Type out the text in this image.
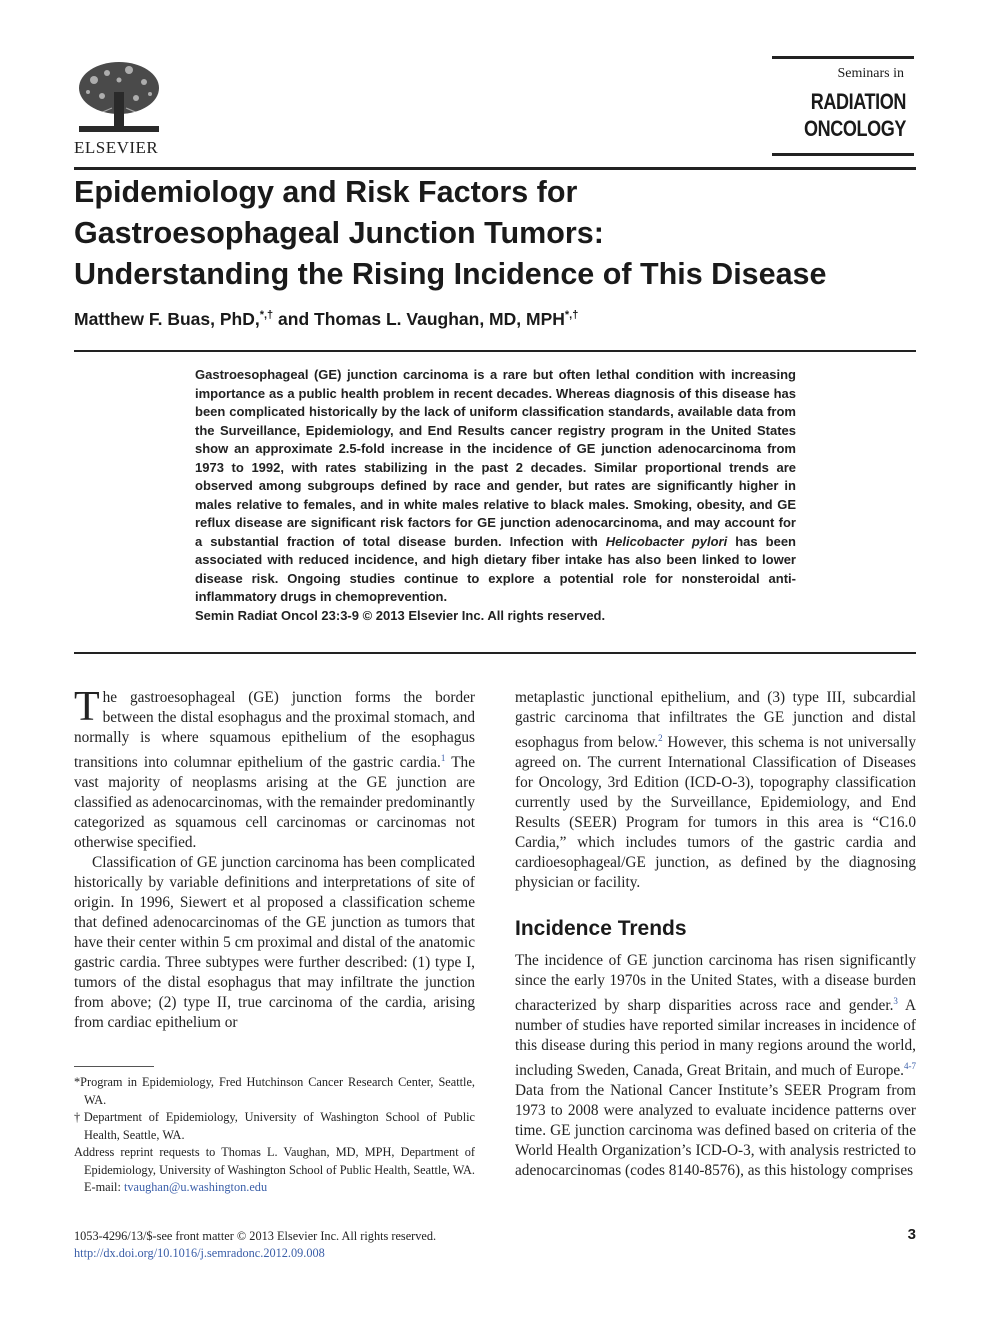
ELSEVIER
Seminars in
RADIATION
ONCOLOGY
Epidemiology and Risk Factors for
Gastroesophageal Junction Tumors:
Understanding the Rising Incidence of This Disease
Matthew F. Buas, PhD,*,† and Thomas L. Vaughan, MD, MPH*,†

Gastroesophageal (GE) junction carcinoma is a rare but often lethal condition with increasing importance as a public health problem in recent decades. Whereas diagnosis of this disease has been complicated historically by the lack of uniform classification standards, available data from the Surveillance, Epidemiology, and End Results cancer registry program in the United States show an approximate 2.5-fold increase in the incidence of GE junction adenocarcinoma from 1973 to 1992, with rates stabilizing in the past 2 decades. Similar proportional trends are observed among subgroups defined by race and gender, but rates are significantly higher in males relative to females, and in white males relative to black males. Smoking, obesity, and GE reflux disease are significant risk factors for GE junction adenocarcinoma, and may account for a substantial fraction of total disease burden. Infection with Helicobacter pylori has been associated with reduced incidence, and high dietary fiber intake has also been linked to lower disease risk. Ongoing studies continue to explore a potential role for nonsteroidal anti-inflammatory drugs in chemoprevention.

Semin Radiat Oncol 23:3-9 © 2013 Elsevier Inc. All rights reserved.

The gastroesophageal (GE) junction forms the border between the distal esophagus and the proximal stomach, and normally is where squamous epithelium of the esophagus transitions into columnar epithelium of the gastric cardia.$^1$ The vast majority of neoplasms arising at the GE junction are classified as adenocarcinomas, with the remainder predominantly categorized as squamous cell carcinomas or carcinomas not otherwise specified.

Classification of GE junction carcinoma has been complicated historically by variable definitions and interpretations of site of origin. In 1996, Siewert et al proposed a classification scheme that defined adenocarcinomas of the GE junction as tumors that have their center within 5 cm proximal and distal of the anatomic gastric cardia. Three subtypes were further described: (1) type I, tumors of the distal esophagus that may infiltrate the junction from above; (2) type II, true carcinoma of the cardia, arising from cardiac epithelium or

metaplastic junctional epithelium, and (3) type III, subcardial gastric carcinoma that infiltrates the GE junction and distal esophagus from below.$^2$ However, this schema is not universally agreed on. The current International Classification of Diseases for Oncology, 3rd Edition (ICD-O-3), topography classification currently used by the Surveillance, Epidemiology, and End Results (SEER) Program for tumors in this area is “C16.0 Cardia,” which includes tumors of the gastric cardia and cardioesophageal/GE junction, as defined by the diagnosing physician or facility.

Incidence Trends

The incidence of GE junction carcinoma has risen significantly since the early 1970s in the United States, with a disease burden characterized by sharp disparities across race and gender.$^3$ A number of studies have reported similar increases in incidence of this disease during this period in many regions around the world, including Sweden, Canada, Great Britain, and much of Europe.$^{4-7}$ Data from the National Cancer Institute’s SEER Program from 1973 to 2008 were analyzed to evaluate incidence patterns over time. GE junction carcinoma was defined based on criteria of the World Health Organization’s ICD-O-3, with analysis restricted to adenocarcinomas (codes 8140-8576), as this histology comprises

*Program in Epidemiology, Fred Hutchinson Cancer Research Center, Seattle, WA.

†Department of Epidemiology, University of Washington School of Public Health, Seattle, WA.

Address reprint requests to Thomas L. Vaughan, MD, MPH, Department of Epidemiology, University of Washington School of Public Health, Seattle, WA. E-mail: tvaughan@u.washington.edu

1053-4296/13/$-see front matter © 2013 Elsevier Inc. All rights reserved.
http://dx.doi.org/10.1016/j.semradonc.2012.09.008
3
